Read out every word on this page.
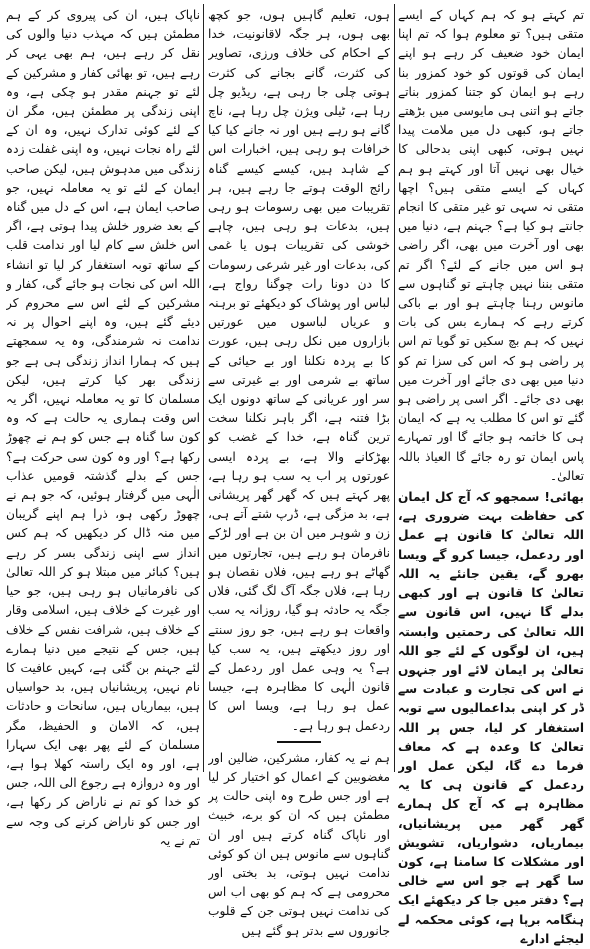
تم کہتے ہو کہ ہم کہاں کے ایسے متقی ہیں؟ تو معلوم ہوا کہ تم اپنا ایمان خود ضعیف کر رہے ہو اپنے ایمان کی قوتوں کو خود کمزور بنا رہے ہو ایمان کو جتنا کمزور بناتے جاتے ہو اتنی ہی مایوسی میں بڑھتے جاتے ہو، کبھی دل میں ملامت پیدا نہیں ہوتی، کبھی اپنی بدحالی کا خیال بھی نہیں آتا اور کہتے ہو ہم کہاں کے ایسے متقی ہیں؟ اچھا متقی نہ سہی تو غیر متقی کا انجام جانتے ہو کیا ہے؟ جہنم ہے، دنیا میں بھی اور آخرت میں بھی، اگر راضی ہو اس میں جانے کے لئے؟ اگر تم متقی بننا نہیں چاہتے تو گناہوں سے مانوس رہنا چاہتے ہو اور بے باکی کرتے رہے کہ ہمارے بس کی بات نہیں کہ ہم بچ سکیں تو گویا تم اس پر راضی ہو کہ اس کی سزا تم کو دنیا میں بھی دی جائے اور آخرت میں بھی دی جائے۔ اگر اسی پر راضی ہو گئے تو اس کا مطلب یہ ہے کہ ایمان ہی کا خاتمہ ہو جائے گا اور تمہارے پاس ایمان تو رہ جائے گا العیاذ باللہ تعالیٰ۔

بھائی! سمجھو کہ آج کل ایمان کی حفاظت بہت ضروری ہے، اللہ تعالیٰ کا قانون ہے عمل اور ردعمل، جیسا کرو گے ویسا بھرو گے، یقین جانئے یہ اللہ تعالیٰ کا قانون ہے اور کبھی بدلے گا نہیں، اس قانون سے اللہ تعالیٰ کی رحمتیں وابستہ ہیں، ان لوگوں کے لئے جو اللہ تعالیٰ پر ایمان لائے اور جنہوں نے اس کی تجارت و عبادت سے ڈر کر اپنی بداعمالیوں سے توبہ استغفار کر لیا، جس پر اللہ تعالیٰ کا وعدہ ہے کہ معاف فرما دے گا، لیکن عمل اور ردعمل کے قانون ہی کا یہ مظاہرہ ہے کہ آج کل ہمارے گھر گھر میں پریشانیاں، بیماریاں، دشواریاں، تشویش اور مشکلات کا سامنا ہے، کون سا گھر ہے جو اس سے خالی ہے؟ دفتر میں جا کر دیکھئے ایک ہنگامہ برپا ہے، کوئی محکمہ لے لیجئے ادارے

ہوں، تعلیم گاہیں ہوں، جو کچھ بھی ہوں، ہر جگہ لاقانونیت، خدا کے احکام کی خلاف ورزی، تصاویر کی کثرت، گانے بجانے کی کثرت ہوتی چلی جا رہی ہے، ریڈیو چل رہا ہے، ٹیلی ویژن چل رہا ہے، ناچ گانے ہو رہے ہیں اور نہ جانے کیا کیا خرافات ہو رہی ہیں، اخبارات اس کے شاہد ہیں، کیسے کیسے گناہ رائج الوقت ہوتے جا رہے ہیں، ہر تقریبات میں بھی رسومات ہو رہی ہیں، بدعات ہو رہی ہیں، چاہے خوشی کی تقریبات ہوں یا غمی کی، بدعات اور غیر شرعی رسومات کا دن دونا رات چوگنا رواج ہے، لباس اور پوشاک کو دیکھئے تو برہنہ و عریاں لباسوں میں عورتیں بازاروں میں نکل رہی ہیں، عورت کا بے پردہ نکلنا اور بے حیائی کے ساتھ بے شرمی اور بے غیرتی سے سر اور عریانی کے ساتھ دونوں ایک بڑا فتنہ ہے، اگر باہر نکلنا سخت ترین گناہ ہے، خدا کے غضب کو بھڑکانے والا ہے، بے پردہ ایسی عورتوں پر اب یہ سب ہو رہا ہے، پھر کہتے ہیں کہ گھر گھر پریشانی ہے، بد مزگی ہے، ڈرپ شتے آتے ہی، زن و شوہر میں ان بن ہے اور لڑکے نافرمان ہو رہے ہیں، تجارتوں میں گھاٹے ہو رہے ہیں، فلاں نقصان ہو رہا ہے، فلاں جگہ آگ لگ گئی، فلاں جگہ یہ حادثہ ہو گیا، روزانہ یہ سب واقعات ہو رہے ہیں، جو روز سنتے اور روز دیکھتے ہیں، یہ سب کیا ہے؟ یہ وہی عمل اور ردعمل کے قانون الٰہی کا مظاہرہ ہے، جیسا عمل ہو رہا ہے، ویسا اس کا ردعمل ہو رہا ہے۔

ہم نے یہ کفار، مشرکین، ضالین اور مغضوبین کے اعمال کو اختیار کر لیا ہے اور جس طرح وہ اپنی حالت پر مطمئن ہیں کہ ان کو برے، خبیث اور ناپاک گناہ کرتے ہیں اور ان گناہوں سے مانوس ہیں ان کو کوئی ندامت نہیں ہوتی، بد بختی اور محرومی ہے کہ ہم کو بھی اب اس کی ندامت نہیں ہوتی جن کے قلوب جانوروں سے بدتر ہو گئے ہیں

ناپاک ہیں، ان کی پیروی کر کے ہم مطمئن ہیں کہ مہذب دنیا والوں کی نقل کر رہے ہیں، ہم بھی یہی کر رہے ہیں، تو بھائی کفار و مشرکین کے لئے تو جہنم مقدر ہو چکی ہے، وہ اپنی زندگی پر مطمئن ہیں، مگر ان کے لئے کوئی تدارک نہیں، وہ ان کے لئے راہ نجات نہیں، وہ اپنی غفلت زدہ زندگی میں مدہوش ہیں، لیکن صاحب ایمان کے لئے تو یہ معاملہ نہیں، جو صاحب ایمان ہے، اس کے دل میں گناہ کے بعد ضرور خلش پیدا ہوتی ہے، اگر اس خلش سے کام لیا اور ندامت قلب کے ساتھ توبہ استغفار کر لیا تو انشاء اللہ اس کی نجات ہو جائے گی، کفار و مشرکین کے لئے اس سے محروم کر دیئے گئے ہیں، وہ اپنے احوال پر نہ ندامت نہ شرمندگی، وہ یہ سمجھتے ہیں کہ ہمارا انداز زندگی ہی ہے جو زندگی بھر کیا کرتے ہیں، لیکن مسلمان کا تو یہ معاملہ نہیں، اگر یہ اس وقت ہماری یہ حالت ہے کہ وہ کون سا گناہ ہے جس کو ہم نے چھوڑ رکھا ہے؟ اور وہ کون سی حرکت ہے؟ جس کے بدلے گذشتہ قومیں عذاب الٰہی میں گرفتار ہوئیں، کہ جو ہم نے چھوڑ رکھی ہو، ذرا ہم اپنے گریبان میں منہ ڈال کر دیکھیں کہ ہم کس انداز سے اپنی زندگی بسر کر رہے ہیں؟ کبائر میں مبتلا ہو کر اللہ تعالیٰ کی نافرمانیاں ہو رہی ہیں، جو حیا اور غیرت کے خلاف ہیں، اسلامی وقار کے خلاف ہیں، شرافت نفس کے خلاف ہیں، جس کے نتیجے میں دنیا ہمارے لئے جہنم بن گئی ہے، کہیں عافیت کا نام نہیں، پریشانیاں ہیں، بد حواسیاں ہیں، بیماریاں ہیں، سانحات و حادثات ہیں، کہ الامان و الحفیظ، مگر مسلمان کے لئے پھر بھی ایک سہارا ہے، اور وہ ایک راستہ کھلا ہوا ہے، اور وہ دروازہ ہے رجوع الی اللہ، جس کو خدا کو تم نے ناراض کر رکھا ہے، اور جس کو ناراض کرنے کی وجہ سے تم نے یہ
